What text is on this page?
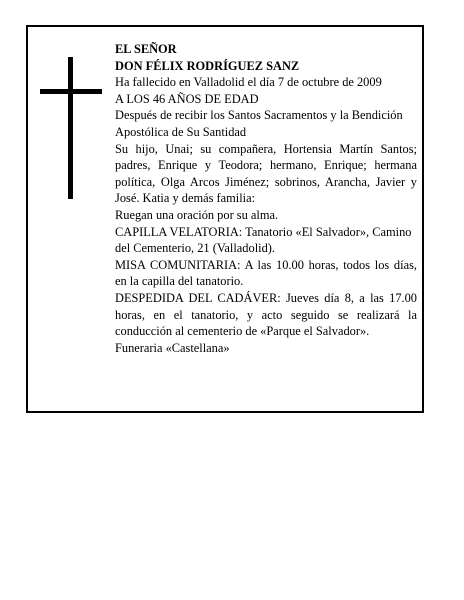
EL SEÑOR

DON FÉLIX RODRÍGUEZ SANZ

Ha fallecido en Valladolid el día 7 de octubre de 2009

A LOS 46 AÑOS DE EDAD

Después de recibir los Santos Sacramentos y la Bendición Apostólica de Su Santidad

Su hijo, Unai; su compañera, Hortensia Martín Santos; padres, Enrique y Teodora; hermano, Enrique; hermana política, Olga Arcos Jiménez; sobrinos, Arancha, Javier y José. Katia y demás familia:

Ruegan una oración por su alma.

CAPILLA VELATORIA: Tanatorio «El Salvador», Camino del Cementerio, 21 (Valladolid).

MISA COMUNITARIA: A las 10.00 horas, todos los días, en la capilla del tanatorio.

DESPEDIDA DEL CADÁVER: Jueves día 8, a las 17.00 horas, en el tanatorio, y acto seguido se realizará la conducción al cementerio de «Parque el Salvador».

Funeraria «Castellana»
